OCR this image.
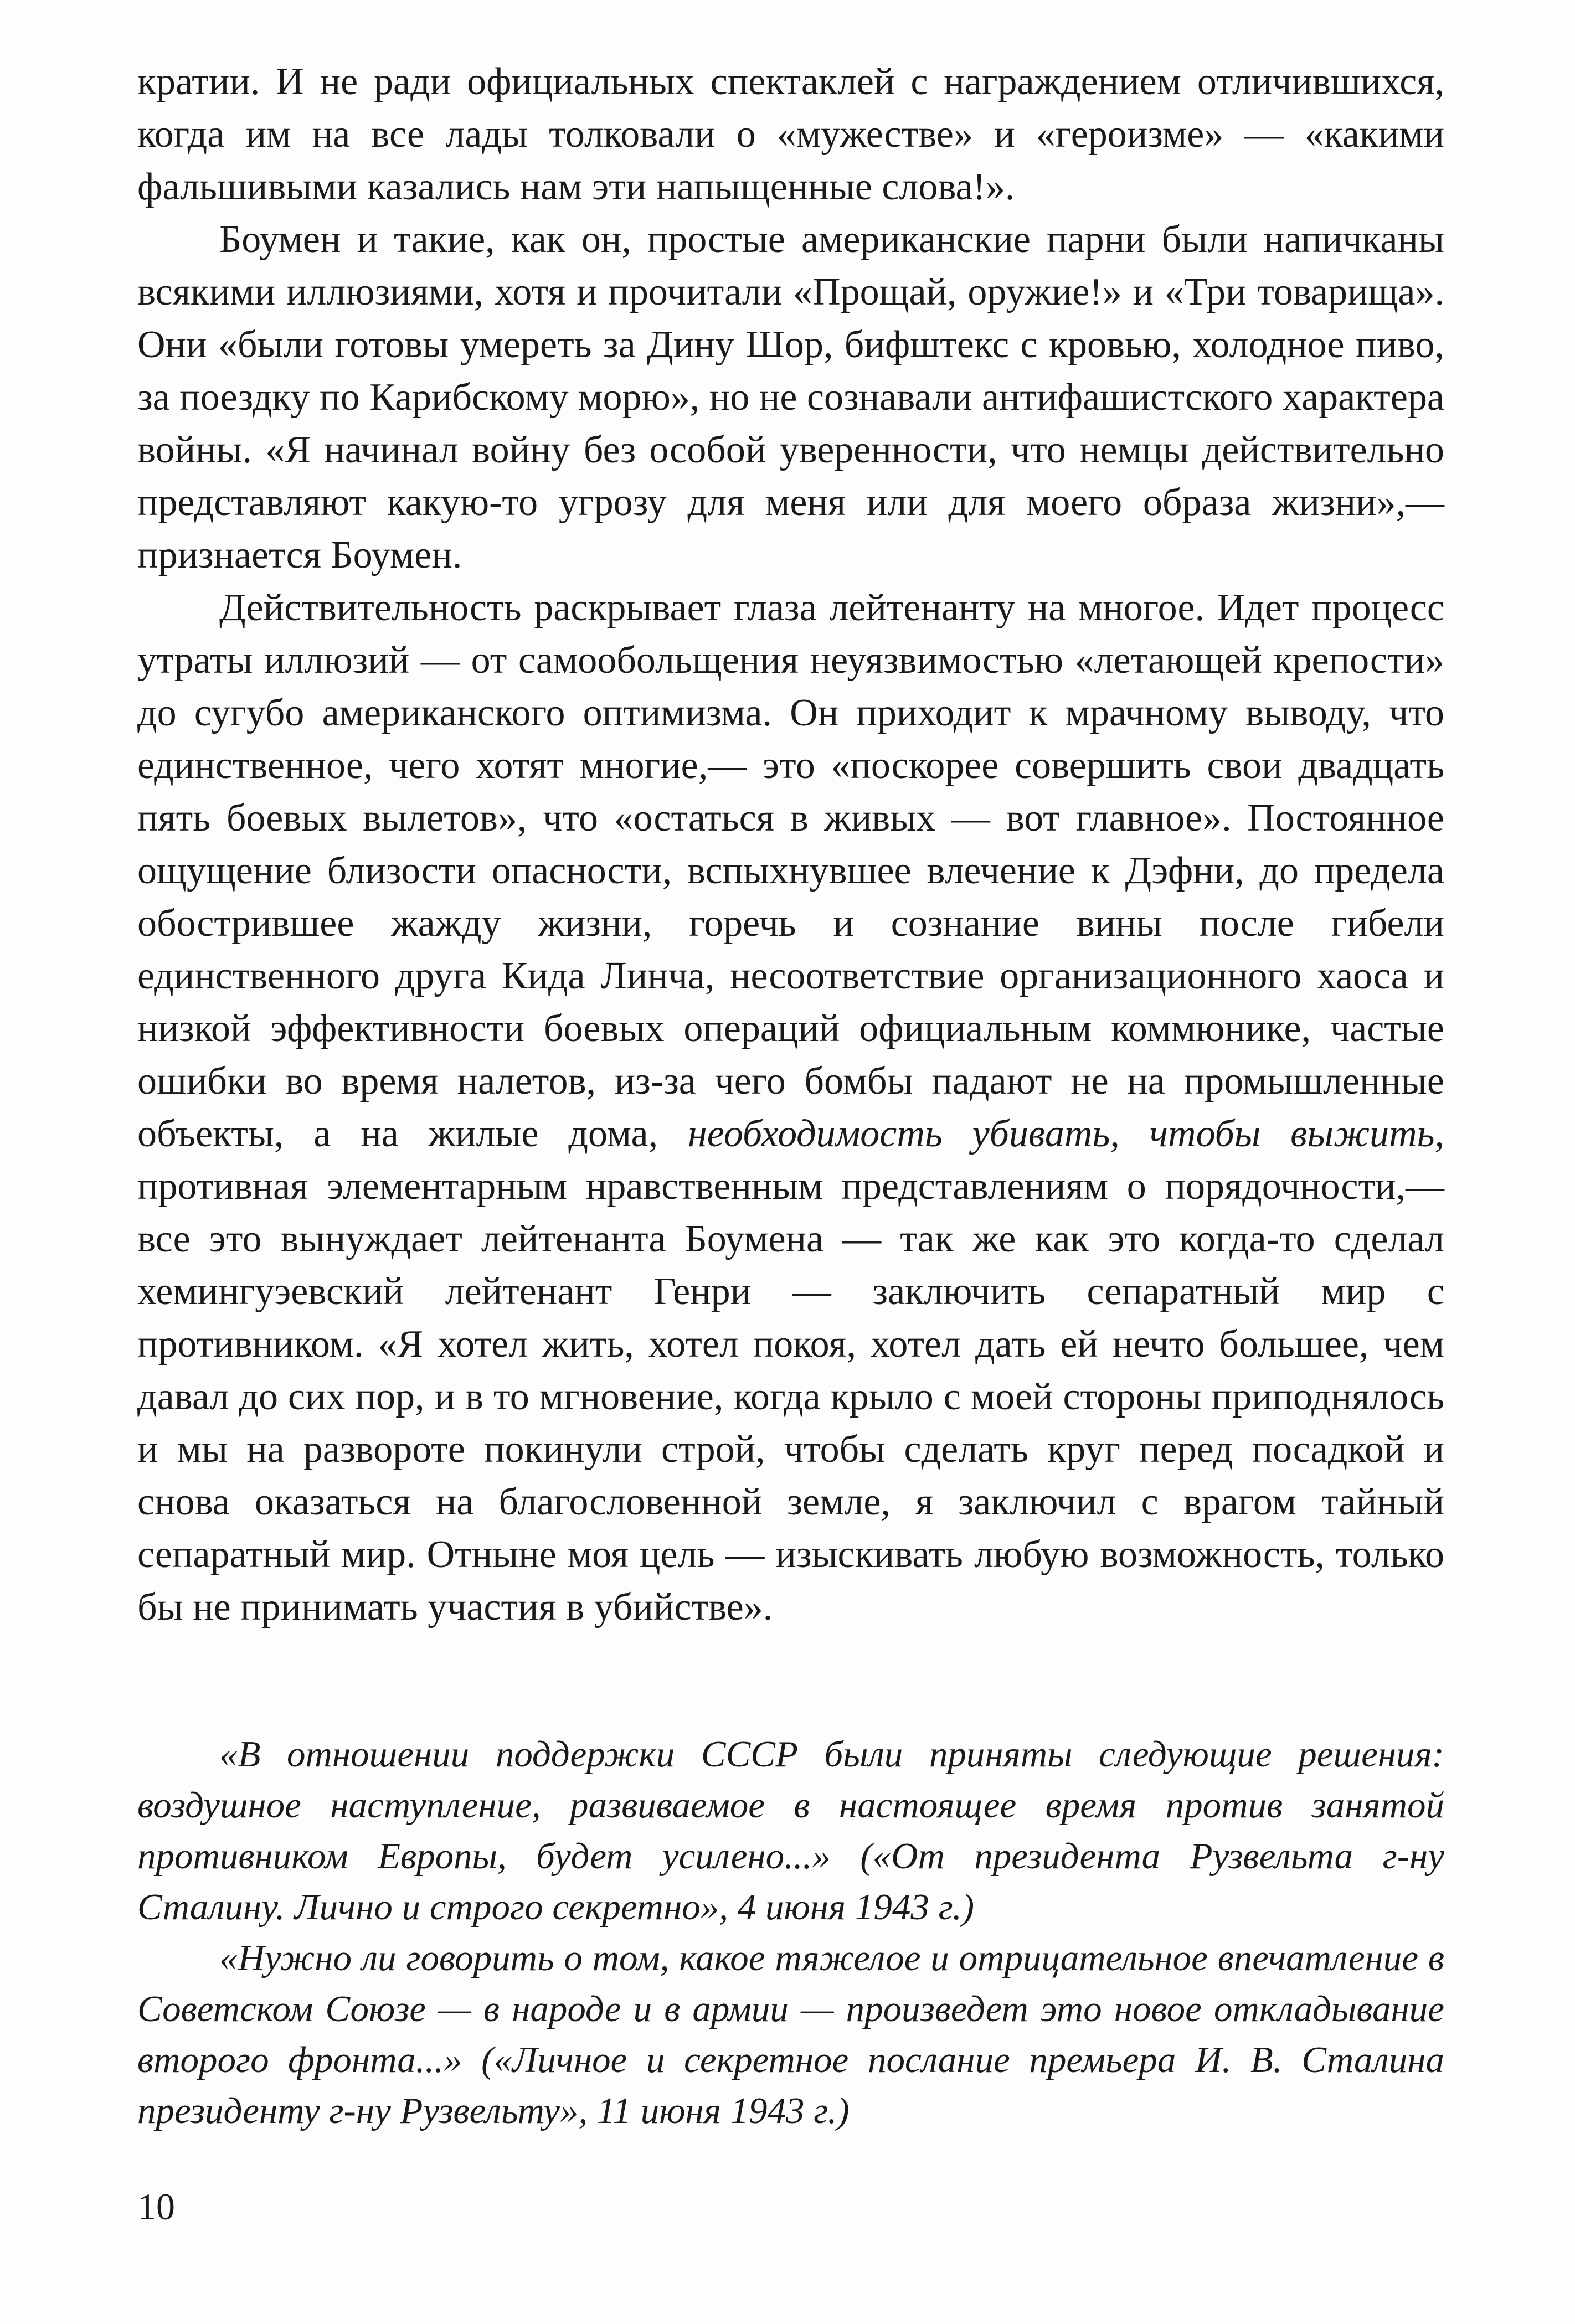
кратии. И не ради официальных спектаклей с награждением отличившихся, когда им на все лады толковали о «мужестве» и «героизме» — «какими фальшивыми казались нам эти напыщенные слова!».

Боумен и такие, как он, простые американские парни были напичканы всякими иллюзиями, хотя и прочитали «Прощай, оружие!» и «Три товарища». Они «были готовы умереть за Дину Шор, бифштекс с кровью, холодное пиво, за поездку по Карибскому морю», но не сознавали антифашистского характера войны. «Я начинал войну без особой уверенности, что немцы действительно представляют какую-то угрозу для меня или для моего образа жизни»,— признается Боумен.

Действительность раскрывает глаза лейтенанту на многое. Идет процесс утраты иллюзий — от самообольщения неуязвимостью «летающей крепости» до сугубо американского оптимизма. Он приходит к мрачному выводу, что единственное, чего хотят многие,— это «поскорее совершить свои двадцать пять боевых вылетов», что «остаться в живых — вот главное». Постоянное ощущение близости опасности, вспыхнувшее влечение к Дэфни, до предела обострившее жажду жизни, горечь и сознание вины после гибели единственного друга Кида Линча, несоответствие организационного хаоса и низкой эффективности боевых операций официальным коммюнике, частые ошибки во время налетов, из-за чего бомбы падают не на промышленные объекты, а на жилые дома, необходимость убивать, чтобы выжить, противная элементарным нравственным представлениям о порядочности,— все это вынуждает лейтенанта Боумена — так же как это когда-то сделал хемингуэевский лейтенант Генри — заключить сепаратный мир с противником. «Я хотел жить, хотел покоя, хотел дать ей нечто большее, чем давал до сих пор, и в то мгновение, когда крыло с моей стороны приподнялось и мы на развороте покинули строй, чтобы сделать круг перед посадкой и снова оказаться на благословенной земле, я заключил с врагом тайный сепаратный мир. Отныне моя цель — изыскивать любую возможность, только бы не принимать участия в убийстве».

«В отношении поддержки СССР были приняты следующие решения: воздушное наступление, развиваемое в настоящее время против занятой противником Европы, будет усилено...» («От президента Рузвельта г-ну Сталину. Лично и строго секретно», 4 июня 1943 г.)

«Нужно ли говорить о том, какое тяжелое и отрицательное впечатление в Советском Союзе — в народе и в армии — произведет это новое откладывание второго фронта...» («Личное и секретное послание премьера И. В. Сталина президенту г-ну Рузвельту», 11 июня 1943 г.)

10
